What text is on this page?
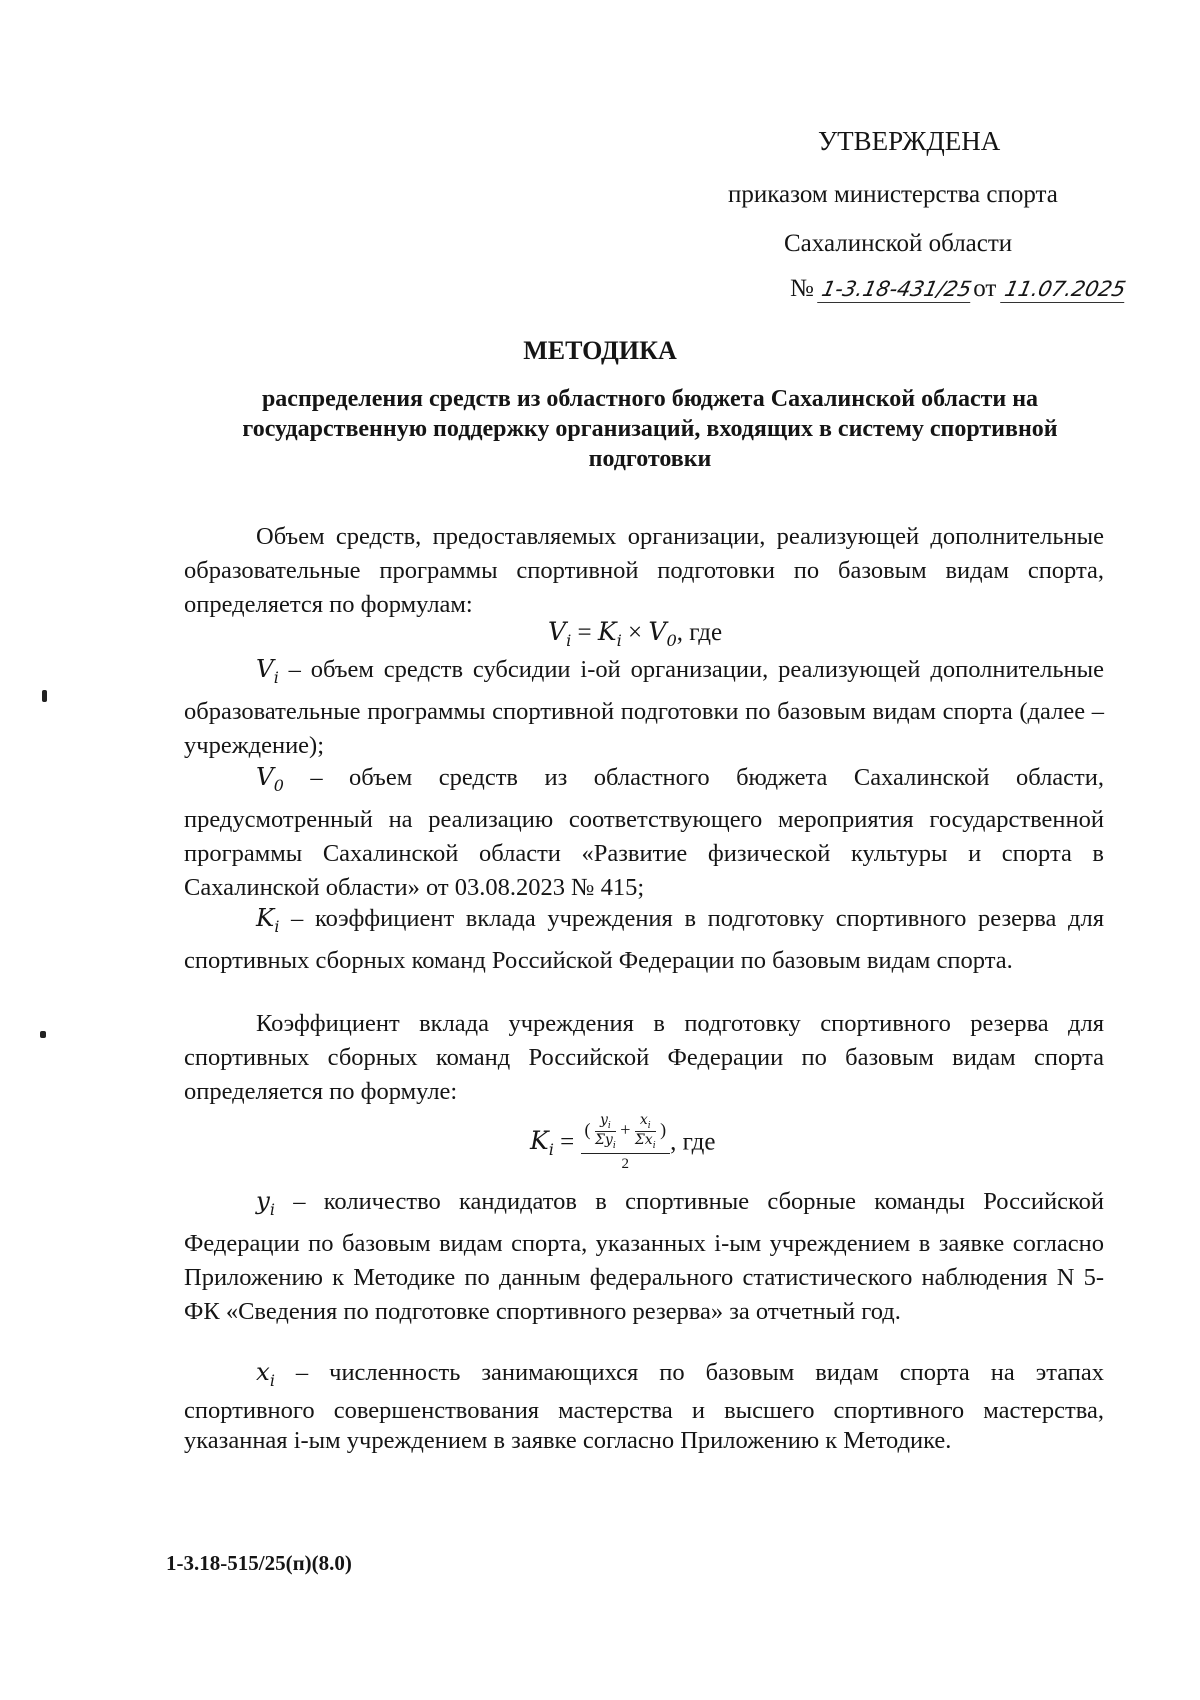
УТВЕРЖДЕНА
приказом министерства спорта
Сахалинской области
№ 1-3.18-431/25от 11.07.2025
МЕТОДИКА
распределения средств из областного бюджета Сахалинской области на государственную поддержку организаций, входящих в систему спортивной подготовки
Объем средств, предоставляемых организации, реализующей дополнительные образовательные программы спортивной подготовки по базовым видам спорта, определяется по формулам:
$V_i = K_i \times V_0$, где
$V_i$ – объем средств субсидии i-ой организации, реализующей дополнительные образовательные программы спортивной подготовки по базовым видам спорта (далее – учреждение);
$V_0$ – объем средств из областного бюджета Сахалинской области, предусмотренный на реализацию соответствующего мероприятия государственной программы Сахалинской области «Развитие физической культуры и спорта в Сахалинской области» от 03.08.2023 № 415;
$K_i$ – коэффициент вклада учреждения в подготовку спортивного резерва для спортивных сборных команд Российской Федерации по базовым видам спорта.
Коэффициент вклада учреждения в подготовку спортивного резерва для спортивных сборных команд Российской Федерации по базовым видам спорта определяется по формуле:
$K_i$ = ( $y_i$
$\Sigma y_i$
+ $x_i$
$\Sigma x_i$
)
2 , где
$y_i$ – количество кандидатов в спортивные сборные команды Российской Федерации по базовым видам спорта, указанных i-ым учреждением в заявке согласно Приложению к Методике по данным федерального статистического наблюдения N 5-ФК «Сведения по подготовке спортивного резерва» за отчетный год.
$x_i$ – численность занимающихся по базовым видам спорта на этапах спортивного совершенствования мастерства и высшего спортивного мастерства, указанная i-ым учреждением в заявке согласно Приложению к Методике.
1-3.18-515/25(п)(8.0)
